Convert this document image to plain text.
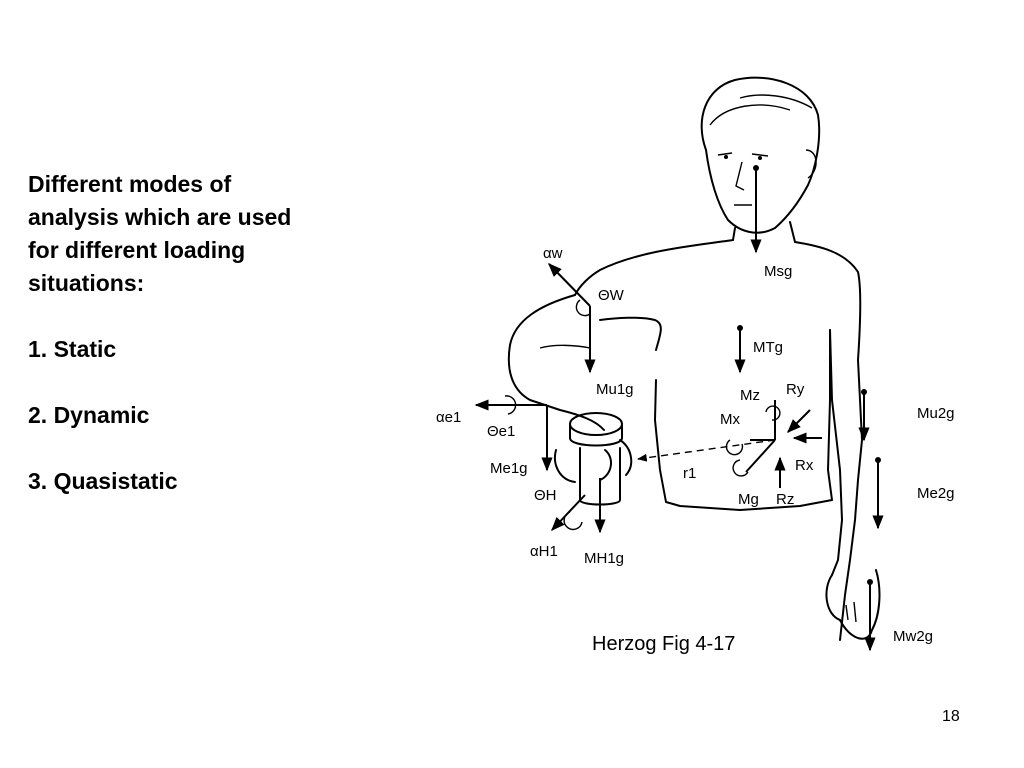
Different modes of

analysis which are used

for different loading

situations:

1. Static

2. Dynamic

3. Quasistatic

αw
ΘW
Msg
MTg
Mu1g
αe1
Θe1
Me1g
ΘH
αH1 MH1g
Mz Ry
Mx
Rx
r1
Mg Rz
Mu2g
Me2g
Mw2g
Herzog Fig 4-17
18
